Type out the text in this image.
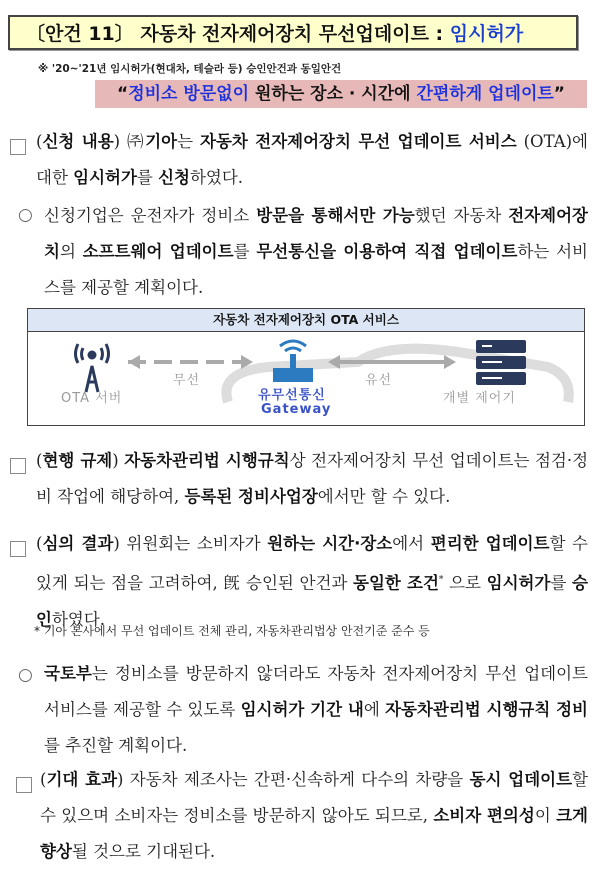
〔안건 11〕 자동차 전자제어장치 무선업데이트 : 임시허가
※ '20~'21년 임시허가(현대차, 테슬라 등) 승인안건과 동일안건
“정비소 방문없이 원하는 장소 · 시간에 간편하게 업데이트”
(신청 내용) ㈜기아는 자동차 전자제어장치 무선 업데이트 서비스 (OTA)에 대한 임시허가를 신청하였다.
○ 신청기업은 운전자가 정비소 방문을 통해서만 가능했던 자동차 전자제어장치의 소프트웨어 업데이트를 무선통신을 이용하여 직접 업데이트하는 서비스를 제공할 계획이다.
자동차 전자제어장치 OTA 서비스
OTA 서버
무선
유무선통신
Gateway
유선
개별 제어기
(현행 규제) 자동차관리법 시행규칙상 전자제어장치 무선 업데이트는 점검·정비 작업에 해당하여, 등록된 정비사업장에서만 할 수 있다.
(심의 결과) 위원회는 소비자가 원하는 시간·장소에서 편리한 업데이트할 수 있게 되는 점을 고려하여, 旣 승인된 안건과 동일한 조건* 으로 임시허가를 승인하였다.
* 기아 본사에서 무선 업데이트 전체 관리, 자동차관리법상 안전기준 준수 등
○ 국토부는 정비소를 방문하지 않더라도 자동차 전자제어장치 무선 업데이트 서비스를 제공할 수 있도록 임시허가 기간 내에 자동차관리법 시행규칙 정비를 추진할 계획이다.
(기대 효과) 자동차 제조사는 간편·신속하게 다수의 차량을 동시 업데이트할 수 있으며 소비자는 정비소를 방문하지 않아도 되므로, 소비자 편의성이 크게 향상될 것으로 기대된다.
